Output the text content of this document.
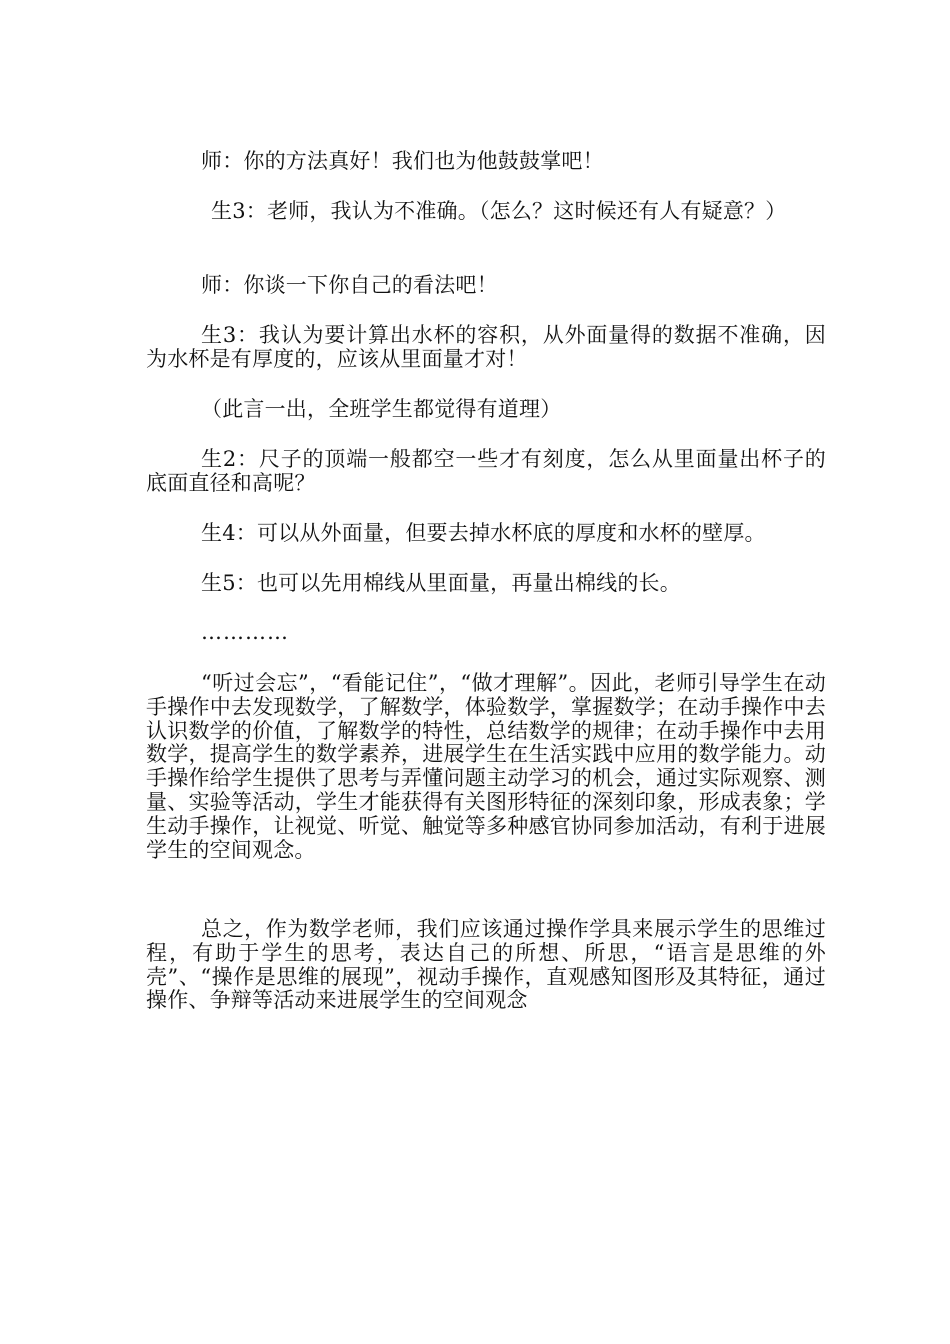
师：你的方法真好！我们也为他鼓鼓掌吧！

生3：老师，我认为不准确。（怎么？这时候还有人有疑意？）

师：你谈一下你自己的看法吧！

生3：我认为要计算出水杯的容积，从外面量得的数据不准确，因为水杯是有厚度的，应该从里面量才对！

（此言一出，全班学生都觉得有道理）

生2：尺子的顶端一般都空一些才有刻度，怎么从里面量出杯子的底面直径和高呢？

生4：可以从外面量，但要去掉水杯底的厚度和水杯的壁厚。

生5：也可以先用棉线从里面量，再量出棉线的长。

…………

“听过会忘”，“看能记住”，“做才理解”。因此，老师引导学生在动手操作中去发现数学，了解数学，体验数学，掌握数学；在动手操作中去认识数学的价值，了解数学的特性，总结数学的规律；在动手操作中去用数学，提高学生的数学素养，进展学生在生活实践中应用的数学能力。动手操作给学生提供了思考与弄懂问题主动学习的机会，通过实际观察、测量、实验等活动，学生才能获得有关图形特征的深刻印象，形成表象；学生动手操作，让视觉、听觉、触觉等多种感官协同参加活动，有利于进展学生的空间观念。

总之，作为数学老师，我们应该通过操作学具来展示学生的思维过程，有助于学生的思考，表达自己的所想、所思，“语言是思维的外壳”、“操作是思维的展现”，视动手操作，直观感知图形及其特征，通过操作、争辩等活动来进展学生的空间观念
